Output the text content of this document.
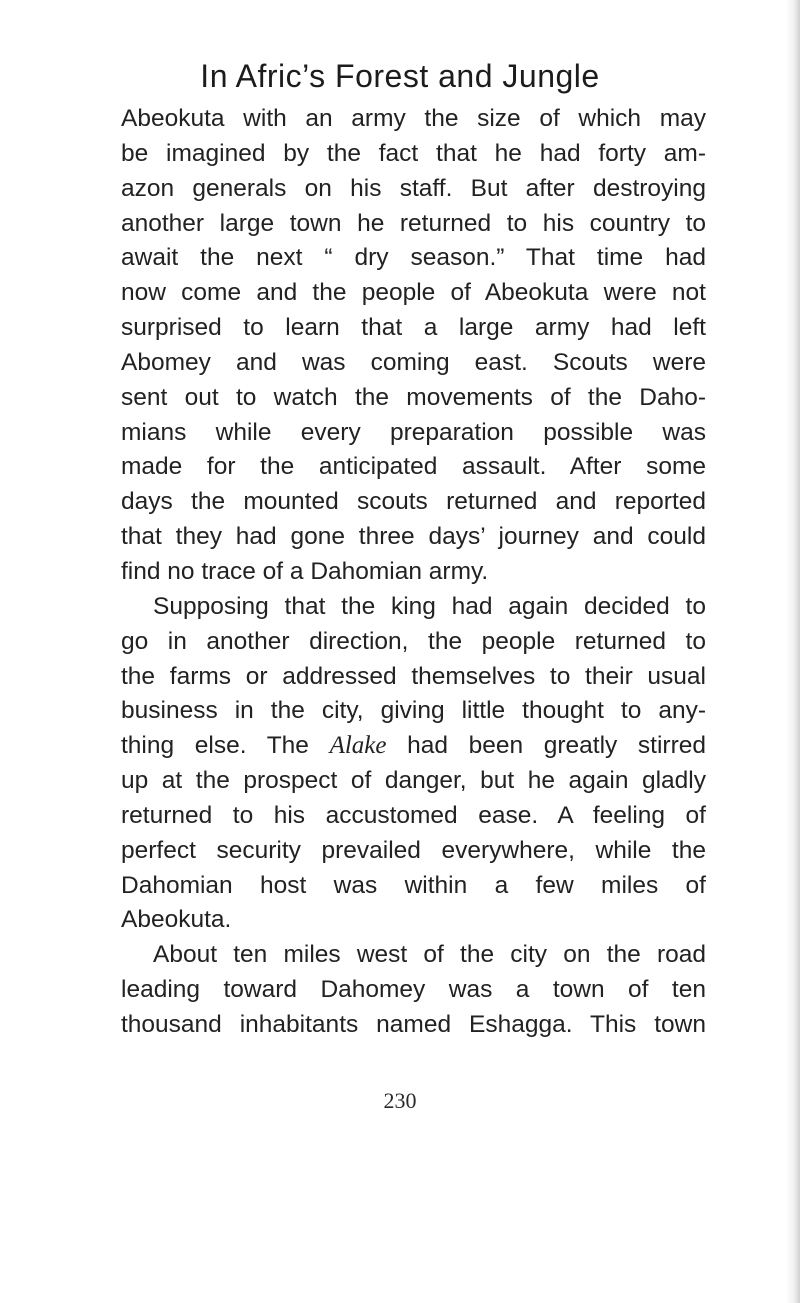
In Afric’s Forest and Jungle
Abeokuta with an army the size of which may
be imagined by the fact that he had forty am-
azon generals on his staff. But after destroying
another large town he returned to his country to
await the next “ dry season.” That time had
now come and the people of Abeokuta were not
surprised to learn that a large army had left
Abomey and was coming east. Scouts were
sent out to watch the movements of the Daho-
mians while every preparation possible was
made for the anticipated assault. After some
days the mounted scouts returned and reported
that they had gone three days’ journey and could
find no trace of a Dahomian army.
Supposing that the king had again decided to
go in another direction, the people returned to
the farms or addressed themselves to their usual
business in the city, giving little thought to any-
thing else. The Alake had been greatly stirred
up at the prospect of danger, but he again gladly
returned to his accustomed ease. A feeling of
perfect security prevailed everywhere, while the
Dahomian host was within a few miles of
Abeokuta.
About ten miles west of the city on the road
leading toward Dahomey was a town of ten
thousand inhabitants named Eshagga. This town
230
